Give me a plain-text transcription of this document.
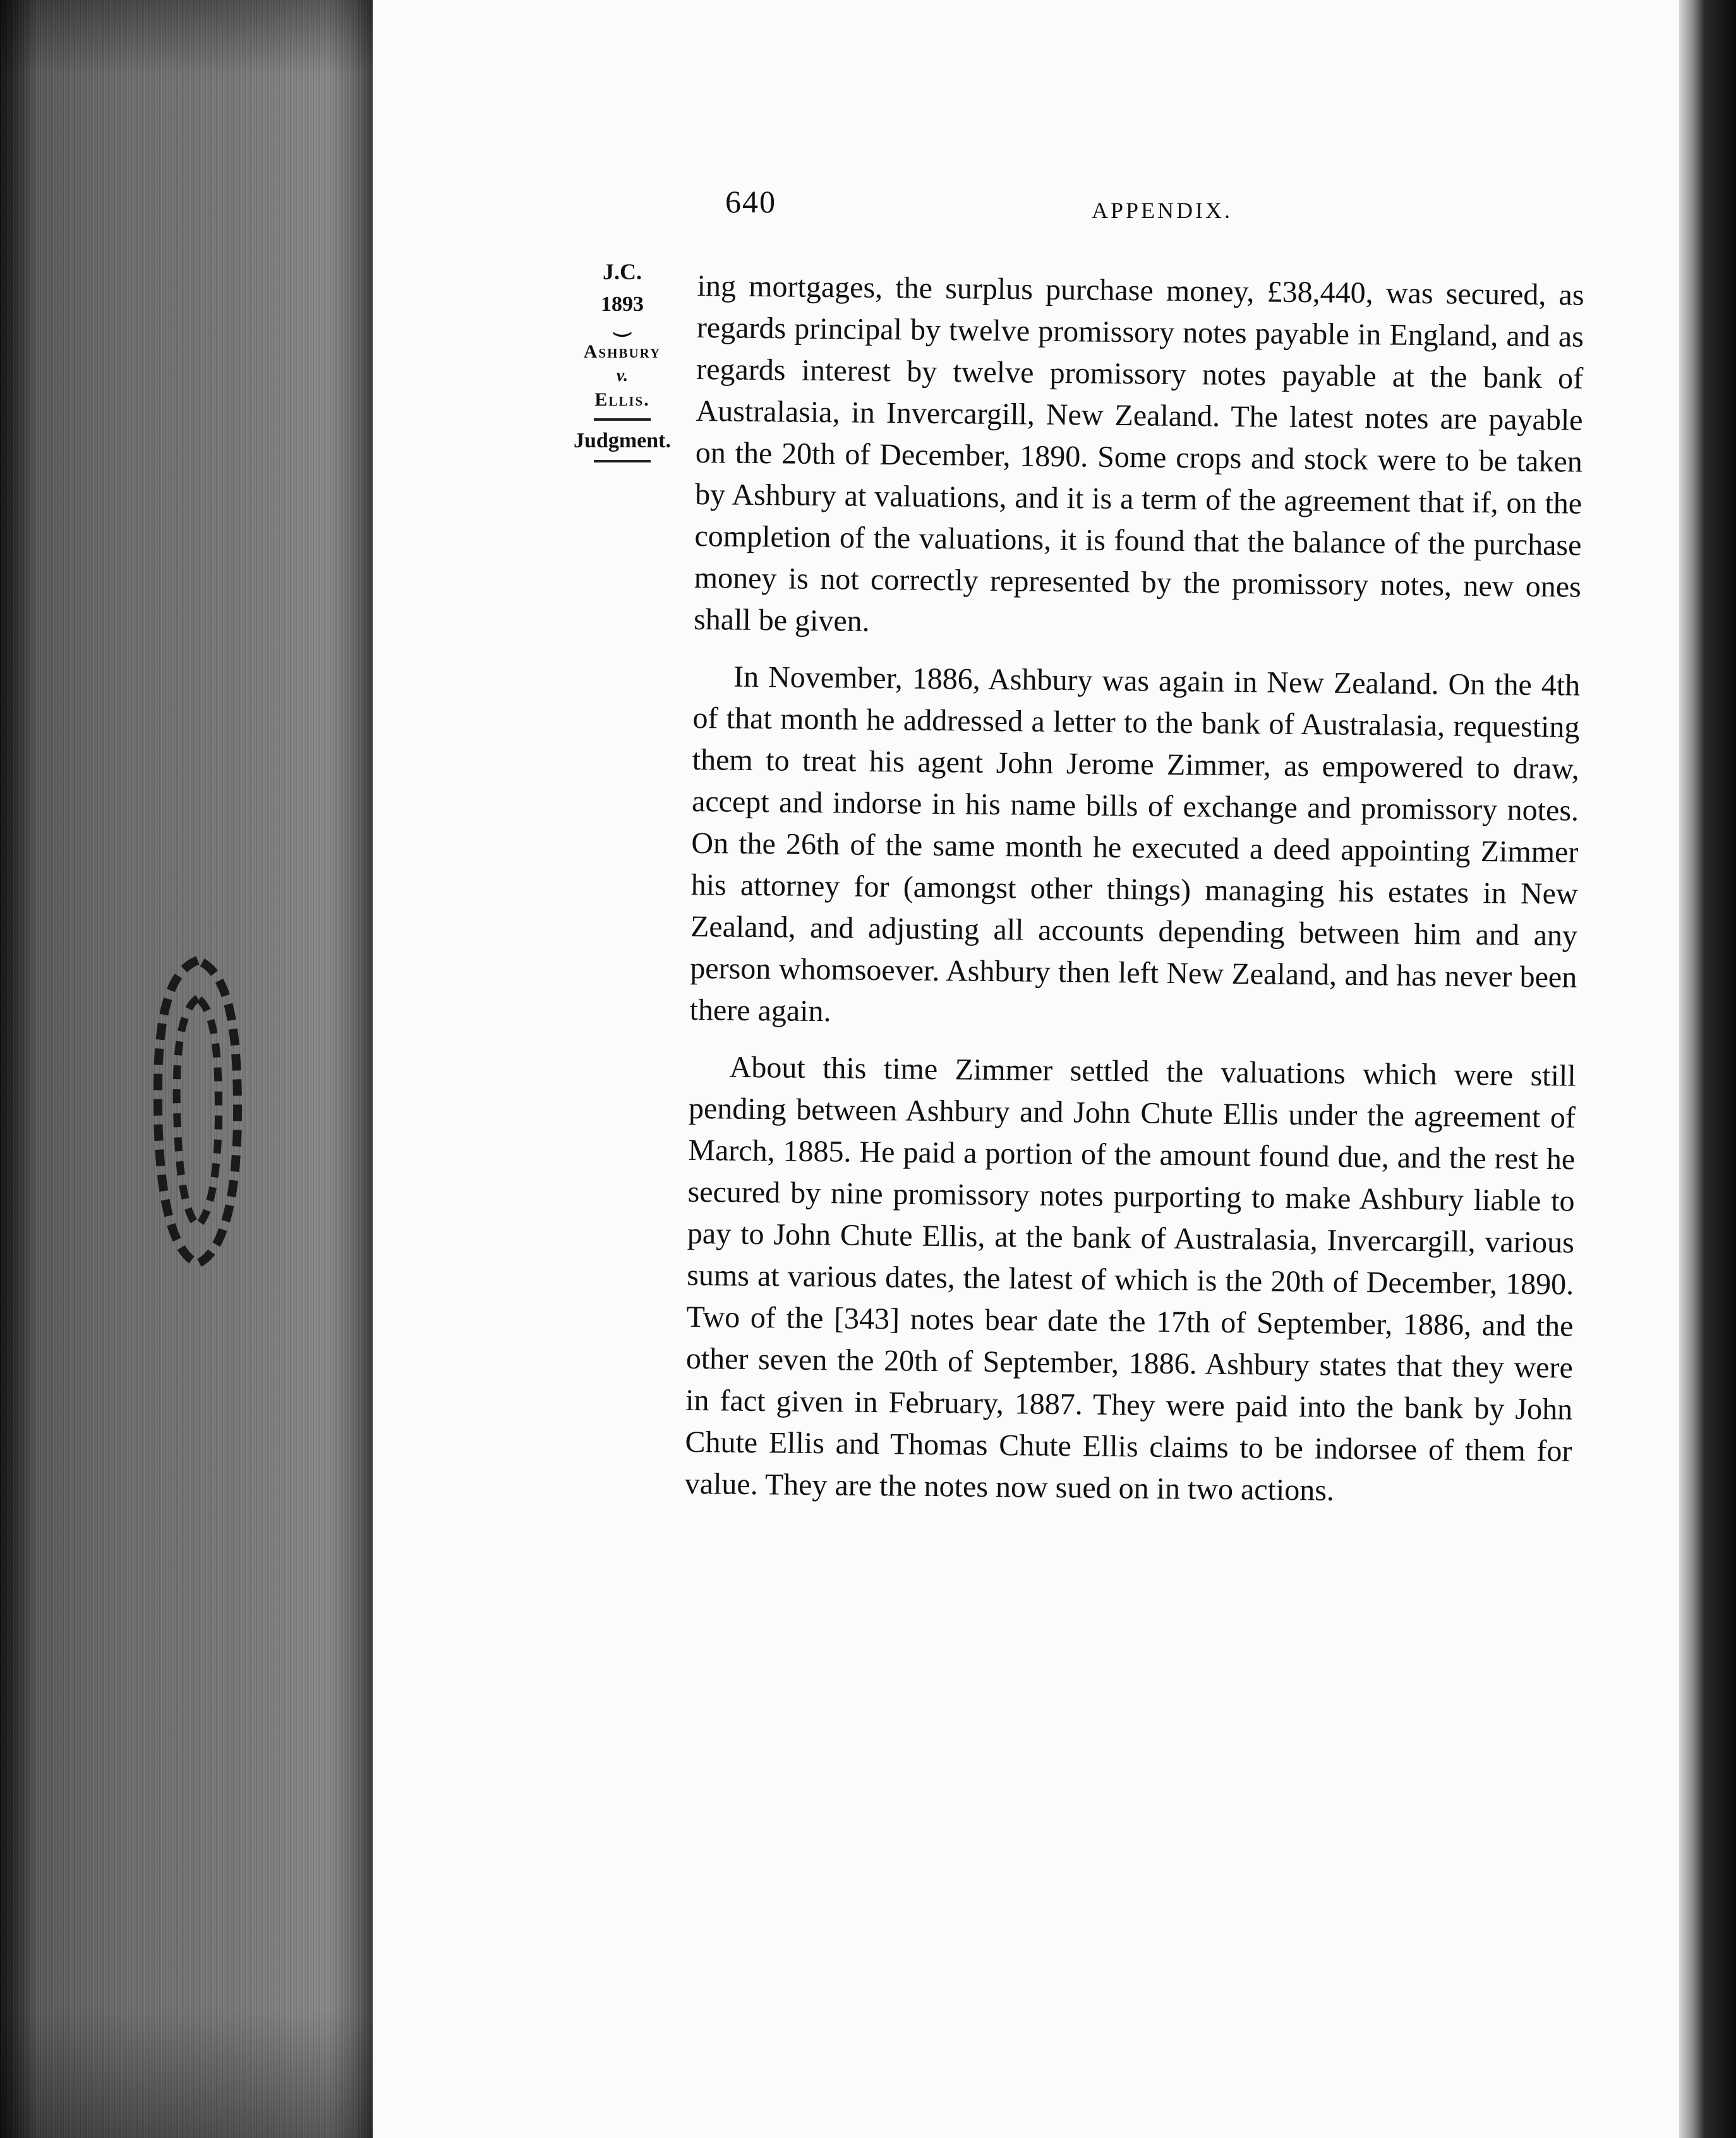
640	APPENDIX.
J.C.
1893
⏝
Ashbury
v.
Ellis.
Judgment.

ing mortgages, the surplus purchase money, £38,440, was secured, as regards principal by twelve promissory notes payable in England, and as regards interest by twelve promissory notes payable at the bank of Australasia, in Invercargill, New Zealand. The latest notes are payable on the 20th of December, 1890. Some crops and stock were to be taken by Ashbury at valuations, and it is a term of the agreement that if, on the completion of the valuations, it is found that the balance of the purchase money is not correctly represented by the promissory notes, new ones shall be given.

In November, 1886, Ashbury was again in New Zealand. On the 4th of that month he addressed a letter to the bank of Australasia, requesting them to treat his agent John Jerome Zimmer, as empowered to draw, accept and indorse in his name bills of exchange and promissory notes. On the 26th of the same month he executed a deed appointing Zimmer his attorney for (amongst other things) managing his estates in New Zealand, and adjusting all accounts depending between him and any person whomsoever. Ashbury then left New Zealand, and has never been there again.

About this time Zimmer settled the valuations which were still pending between Ashbury and John Chute Ellis under the agreement of March, 1885. He paid a portion of the amount found due, and the rest he secured by nine promissory notes purporting to make Ashbury liable to pay to John Chute Ellis, at the bank of Australasia, Invercargill, various sums at various dates, the latest of which is the 20th of December, 1890. Two of the [343] notes bear date the 17th of September, 1886, and the other seven the 20th of September, 1886. Ashbury states that they were in fact given in February, 1887. They were paid into the bank by John Chute Ellis and Thomas Chute Ellis claims to be indorsee of them for value. They are the notes now sued on in two actions.
